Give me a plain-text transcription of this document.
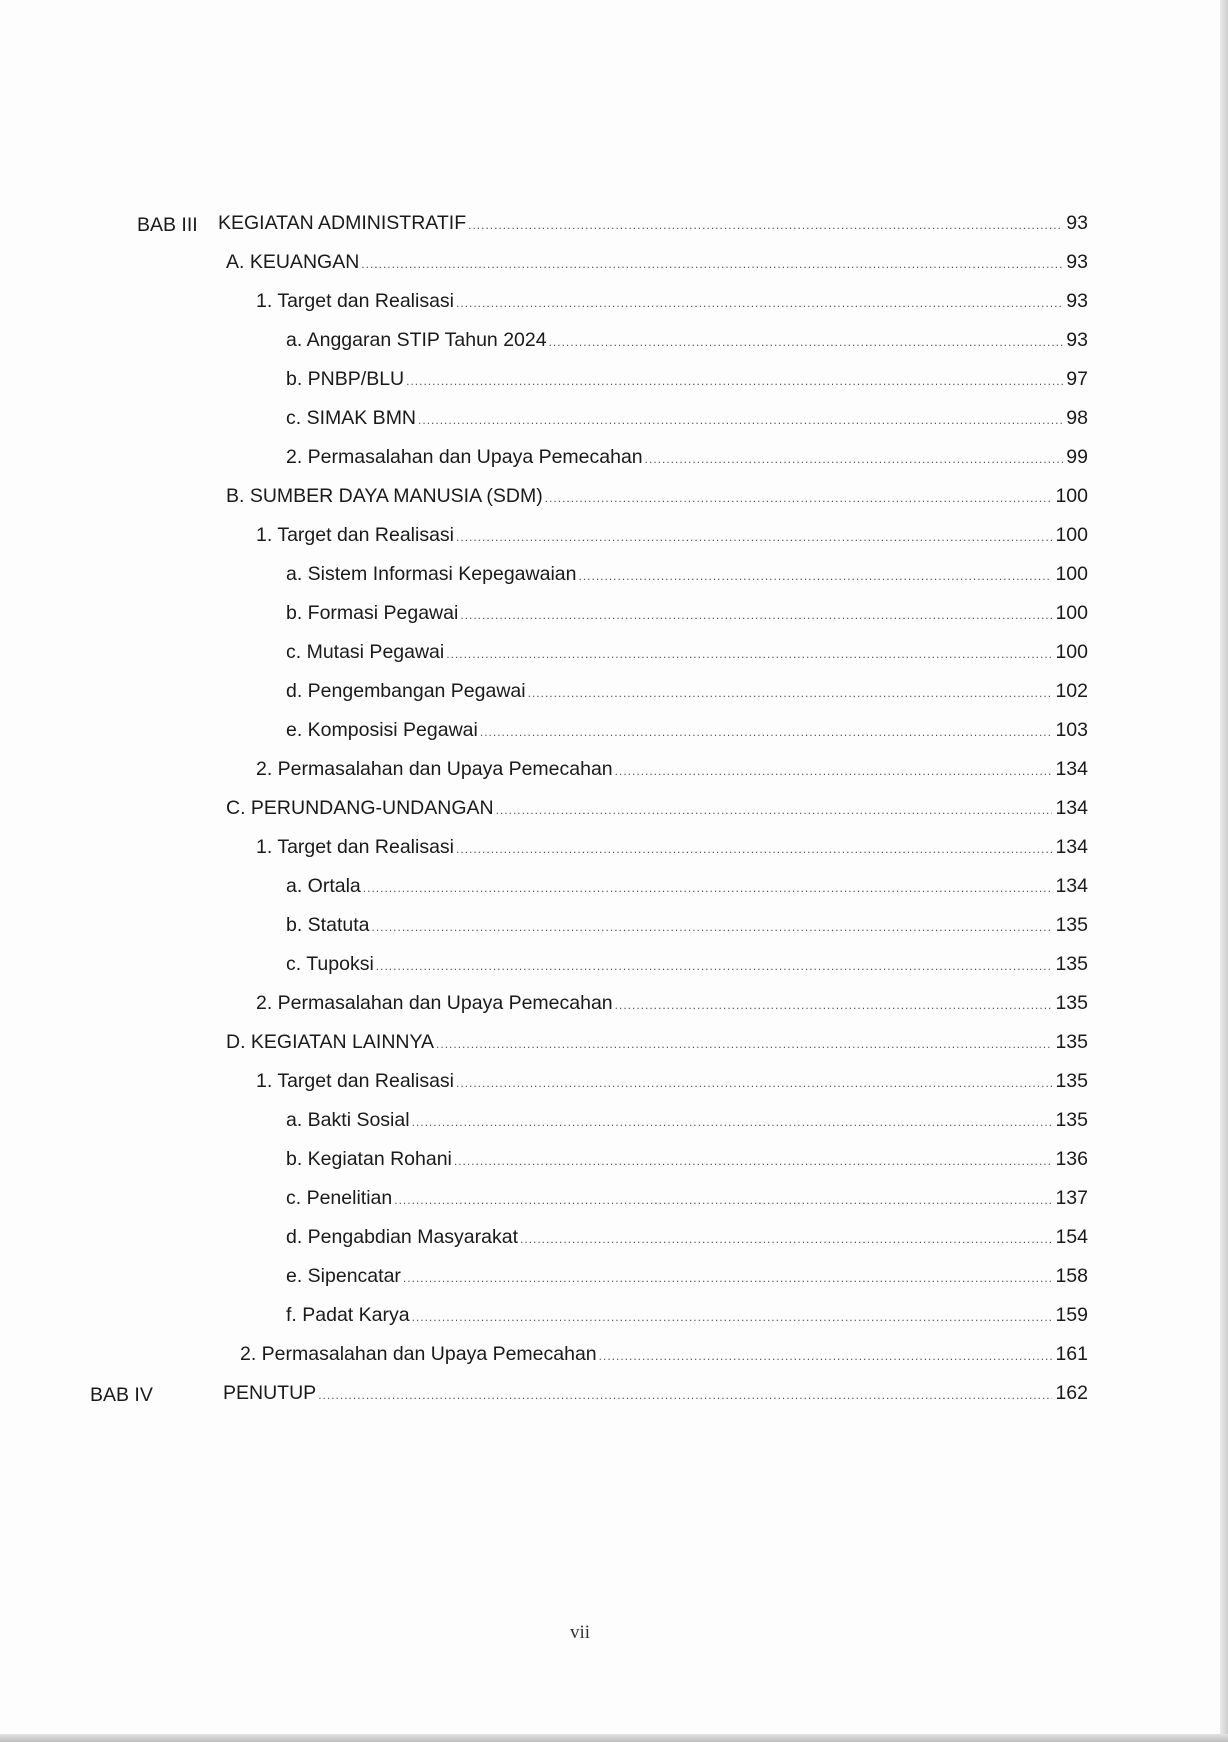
BAB III KEGIATAN ADMINISTRATIF .....	93
A. KEUANGAN .....	93
1. Target dan Realisasi .....	93
a. Anggaran STIP Tahun 2024 .....	93
b. PNBP/BLU .....	97
c. SIMAK BMN .....	98
2. Permasalahan dan Upaya Pemecahan .....	99
B. SUMBER DAYA MANUSIA (SDM) .....	100
1. Target dan Realisasi .....	100
a. Sistem Informasi Kepegawaian .....	100
b. Formasi Pegawai .....	100
c. Mutasi Pegawai .....	100
d. Pengembangan Pegawai .....	102
e. Komposisi Pegawai .....	103
2. Permasalahan dan Upaya Pemecahan .....	134
C. PERUNDANG-UNDANGAN .....	134
1. Target dan Realisasi .....	134
a. Ortala .....	134
b. Statuta .....	135
c. Tupoksi .....	135
2. Permasalahan dan Upaya Pemecahan .....	135
D. KEGIATAN LAINNYA .....	135
1. Target dan Realisasi .....	135
a. Bakti Sosial .....	135
b. Kegiatan Rohani .....	136
c. Penelitian .....	137
d. Pengabdian Masyarakat .....	154
e. Sipencatar .....	158
f. Padat Karya .....	159
2. Permasalahan dan Upaya Pemecahan .....	161
BAB IV	PENUTUP .....	162
vii
